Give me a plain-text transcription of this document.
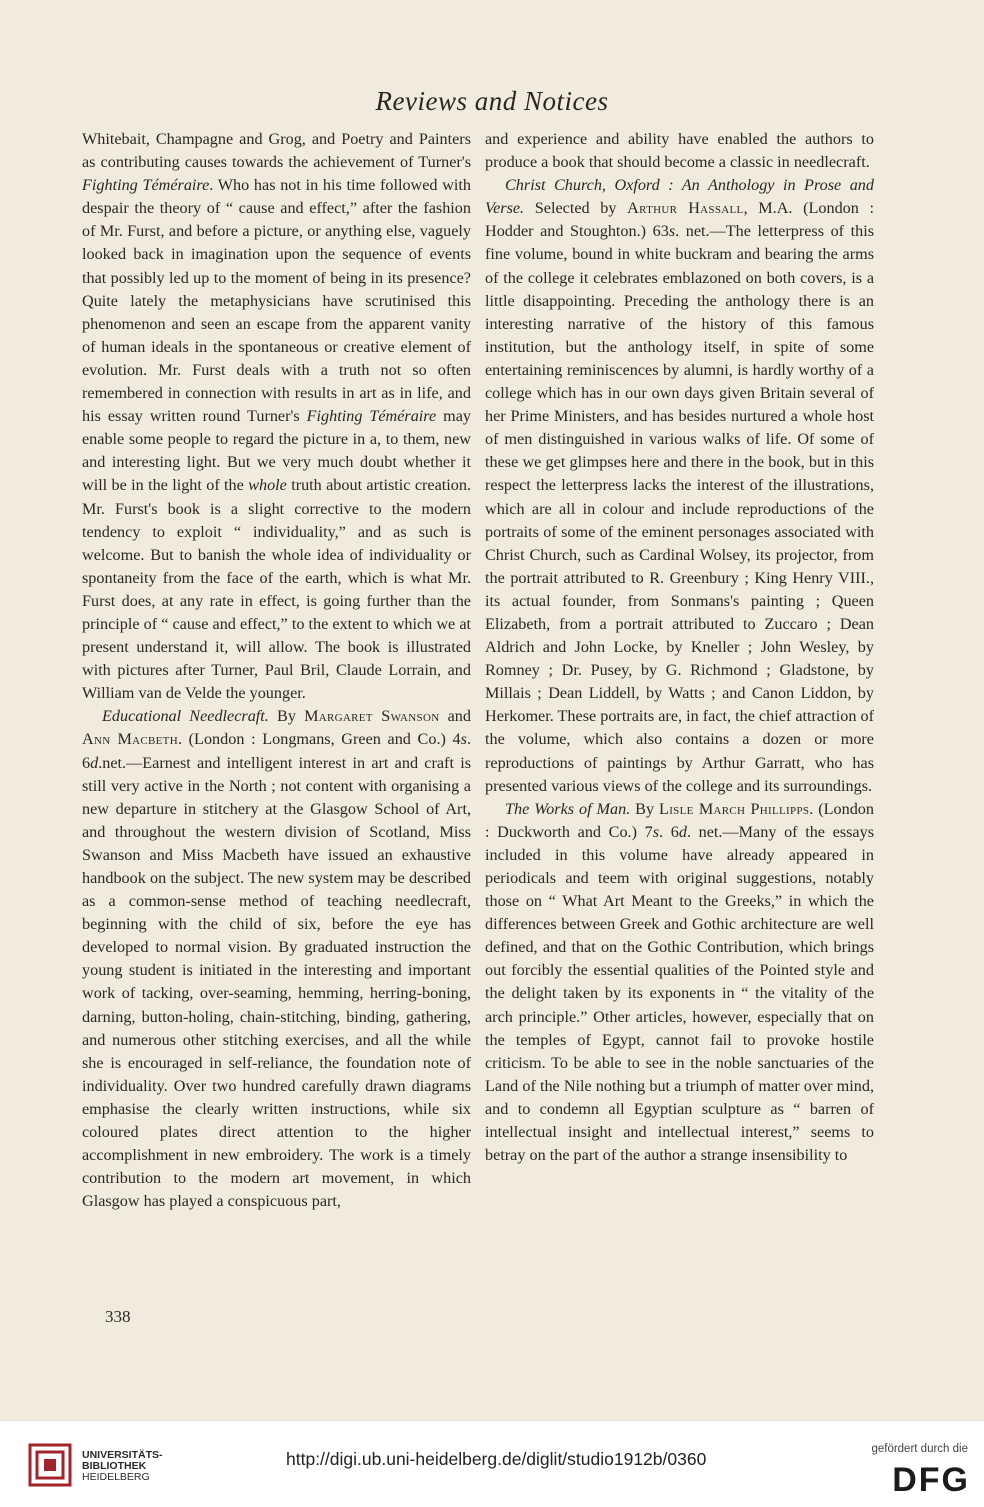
Reviews and Notices

Whitebait, Champagne and Grog, and Poetry and Painters as contributing causes towards the achievement of Turner's Fighting Téméraire. Who has not in his time followed with despair the theory of “ cause and effect,” after the fashion of Mr. Furst, and before a picture, or anything else, vaguely looked back in imagination upon the sequence of events that possibly led up to the moment of being in its presence? Quite lately the metaphysicians have scrutinised this phenomenon and seen an escape from the apparent vanity of human ideals in the spontaneous or creative element of evolution. Mr. Furst deals with a truth not so often remembered in connection with results in art as in life, and his essay written round Turner's Fighting Téméraire may enable some people to regard the picture in a, to them, new and interesting light. But we very much doubt whether it will be in the light of the whole truth about artistic creation. Mr. Furst's book is a slight corrective to the modern tendency to exploit “ individuality,” and as such is welcome. But to banish the whole idea of individuality or spontaneity from the face of the earth, which is what Mr. Furst does, at any rate in effect, is going further than the principle of “ cause and effect,” to the extent to which we at present understand it, will allow. The book is illustrated with pictures after Turner, Paul Bril, Claude Lorrain, and William van de Velde the younger.

Educational Needlecraft. By Margaret Swanson and Ann Macbeth. (London : Longmans, Green and Co.) 4s. 6d.net.—Earnest and intelligent interest in art and craft is still very active in the North ; not content with organising a new departure in stitchery at the Glasgow School of Art, and throughout the western division of Scotland, Miss Swanson and Miss Macbeth have issued an exhaustive handbook on the subject. The new system may be described as a common-sense method of teaching needlecraft, beginning with the child of six, before the eye has developed to normal vision. By graduated instruction the young student is initiated in the interesting and important work of tacking, over-seaming, hemming, herring-boning, darning, button-holing, chain-stitching, binding, gathering, and numerous other stitching exercises, and all the while she is encouraged in self-reliance, the foundation note of individuality. Over two hundred carefully drawn diagrams emphasise the clearly written instructions, while six coloured plates direct attention to the higher accomplishment in new embroidery. The work is a timely contribution to the modern art movement, in which Glasgow has played a conspicuous part,

and experience and ability have enabled the authors to produce a book that should become a classic in needlecraft.

Christ Church, Oxford : An Anthology in Prose and Verse. Selected by Arthur Hassall, M.A. (London : Hodder and Stoughton.) 63s. net.—The letterpress of this fine volume, bound in white buckram and bearing the arms of the college it celebrates emblazoned on both covers, is a little disappointing. Preceding the anthology there is an interesting narrative of the history of this famous institution, but the anthology itself, in spite of some entertaining reminiscences by alumni, is hardly worthy of a college which has in our own days given Britain several of her Prime Ministers, and has besides nurtured a whole host of men distinguished in various walks of life. Of some of these we get glimpses here and there in the book, but in this respect the letterpress lacks the interest of the illustrations, which are all in colour and include reproductions of the portraits of some of the eminent personages associated with Christ Church, such as Cardinal Wolsey, its projector, from the portrait attributed to R. Greenbury ; King Henry VIII., its actual founder, from Sonmans's painting ; Queen Elizabeth, from a portrait attributed to Zuccaro ; Dean Aldrich and John Locke, by Kneller ; John Wesley, by Romney ; Dr. Pusey, by G. Richmond ; Gladstone, by Millais ; Dean Liddell, by Watts ; and Canon Liddon, by Herkomer. These portraits are, in fact, the chief attraction of the volume, which also contains a dozen or more reproductions of paintings by Arthur Garratt, who has presented various views of the college and its surroundings.

The Works of Man. By Lisle March Phillipps. (London : Duckworth and Co.) 7s. 6d. net.—Many of the essays included in this volume have already appeared in periodicals and teem with original suggestions, notably those on “ What Art Meant to the Greeks,” in which the differences between Greek and Gothic architecture are well defined, and that on the Gothic Contribution, which brings out forcibly the essential qualities of the Pointed style and the delight taken by its exponents in “ the vitality of the arch principle.” Other articles, however, especially that on the temples of Egypt, cannot fail to provoke hostile criticism. To be able to see in the noble sanctuaries of the Land of the Nile nothing but a triumph of matter over mind, and to condemn all Egyptian sculpture as “ barren of intellectual insight and intellectual interest,” seems to betray on the part of the author a strange insensibility to

338
UNIVERSITÄTS-
BIBLIOTHEK
HEIDELBERG
http://digi.ub.uni-heidelberg.de/diglit/studio1912b/0360	gefördert durch die
DFG
